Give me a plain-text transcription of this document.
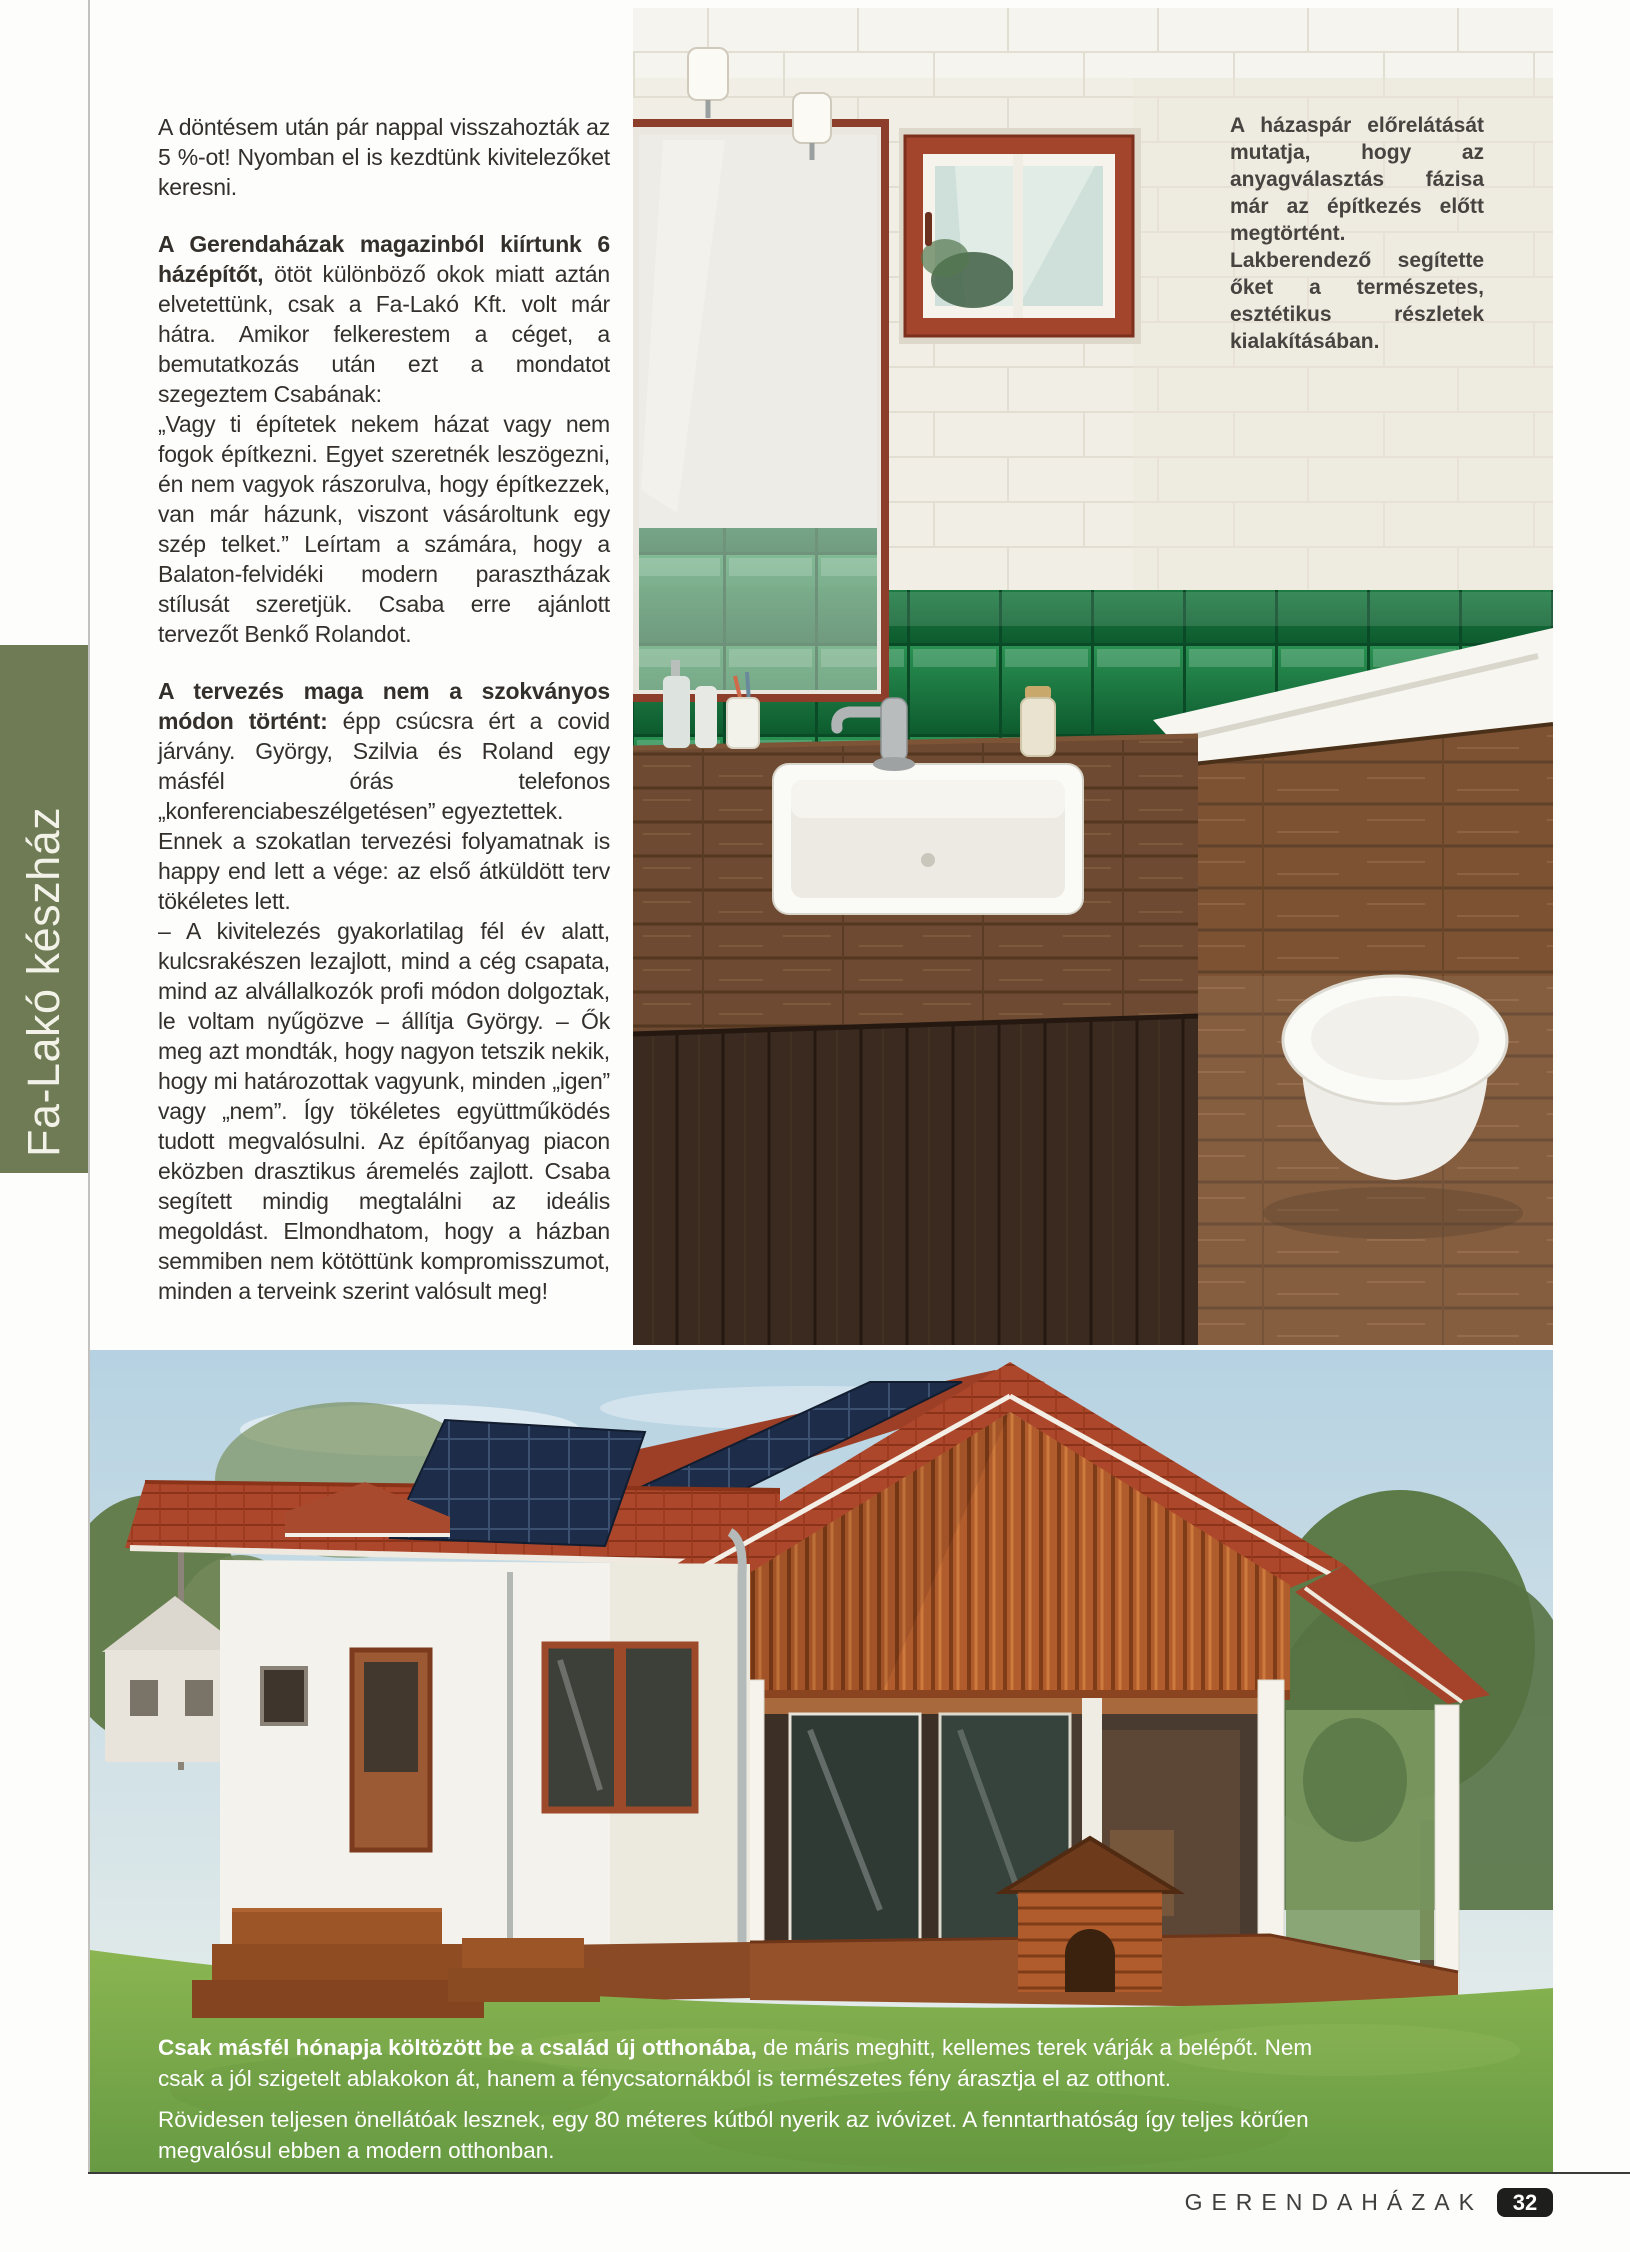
Fa-Lakó készház

A döntésem után pár nappal visszahozták az 5 %-ot! Nyomban el is kezdtünk kivitelezőket keresni.

A Gerendaházak magazinból kiírtunk 6 házépítőt, ötöt különböző okok miatt aztán elvetettünk, csak a Fa-Lakó Kft. volt már hátra. Amikor felkerestem a céget, a bemutatkozás után ezt a mondatot szegeztem Csabának:

„Vagy ti építetek nekem házat vagy nem fogok építkezni. Egyet szeretnék leszögezni, én nem vagyok rászorulva, hogy építkezzek, van már házunk, viszont vásároltunk egy szép telket.” Leírtam a számára, hogy a Balaton-felvidéki modern parasztházak stílusát szeretjük. Csaba erre ajánlott tervezőt Benkő Rolandot.

A tervezés maga nem a szokványos módon történt: épp csúcsra ért a covid járvány. György, Szilvia és Roland egy másfél órás telefonos „konferenciabeszélgetésen” egyeztettek.

Ennek a szokatlan tervezési folyamatnak is happy end lett a vége: az első átküldött terv tökéletes lett.

– A kivitelezés gyakorlatilag fél év alatt, kulcsrakészen lezajlott, mind a cég csapata, mind az alvállalkozók profi módon dolgoztak, le voltam nyűgözve – állítja György. – Ők meg azt mondták, hogy nagyon tetszik nekik, hogy mi határozottak vagyunk, minden „igen” vagy „nem”. Így tökéletes együttműködés tudott megvalósulni. Az építőanyag piacon eközben drasztikus áremelés zajlott. Csaba segített mindig megtalálni az ideális megoldást. Elmondhatom, hogy a házban semmiben nem kötöttünk kompromisszumot, minden a terveink szerint valósult meg!

A házaspár előrelátását mutatja, hogy az anyagválasztás fázisa már az építkezés előtt megtörtént. Lakberendező segítette őket a természetes, esztétikus részletek kialakításában.

Csak másfél hónapja költözött be a család új otthonába, de máris meghitt, kellemes terek várják a belépőt. Nem csak a jól szigetelt ablakokon át, hanem a fénycsatornákból is természetes fény árasztja el az otthont.

Rövidesen teljesen önellátóak lesznek, egy 80 méteres kútból nyerik az ivóvizet. A fenntarthatóság így teljes körűen megvalósul ebben a modern otthonban.

GERENDAHÁZAK	32
